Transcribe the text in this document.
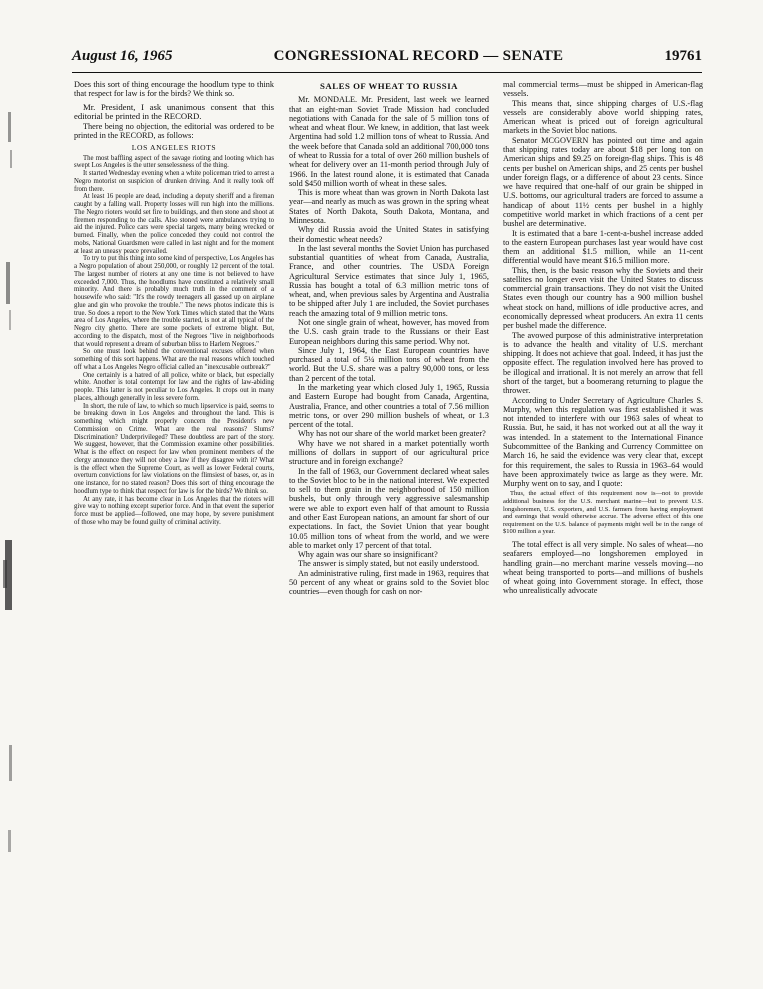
August 16, 1965	CONGRESSIONAL RECORD — SENATE	19761

Does this sort of thing encourage the hoodlum type to think that respect for law is for the birds? We think so.

Mr. President, I ask unanimous consent that this editorial be printed in the RECORD.

There being no objection, the editorial was ordered to be printed in the RECORD, as follows:

LOS ANGELES RIOTS

The most baffling aspect of the savage rioting and looting which has swept Los Angeles is the utter senselessness of the thing.

It started Wednesday evening when a white policeman tried to arrest a Negro motorist on suspicion of drunken driving. And it really took off from there.

At least 16 people are dead, including a deputy sheriff and a fireman caught by a falling wall. Property losses will run high into the millions. The Negro rioters would set fire to buildings, and then stone and shoot at firemen responding to the calls. Also stoned were ambulances trying to aid the injured. Police cars were special targets, many being wrecked or burned. Finally, when the police conceded they could not control the mobs, National Guardsmen were called in last night and for the moment at least an uneasy peace prevailed.

To try to put this thing into some kind of perspective, Los Angeles has a Negro population of about 250,000, or roughly 12 percent of the total. The largest number of rioters at any one time is not believed to have exceeded 7,000. Thus, the hoodlums have constituted a relatively small minority. And there is probably much truth in the comment of a housewife who said: "It's the rowdy teenagers all gassed up on airplane glue and gin who provoke the trouble." The news photos indicate this is true. So does a report to the New York Times which stated that the Watts area of Los Angeles, where the trouble started, is not at all typical of the Negro city ghetto. There are some pockets of extreme blight. But, according to the dispatch, most of the Negroes "live in neighborhoods that would represent a dream of suburban bliss to Harlem Negroes."

So one must look behind the conventional excuses offered when something of this sort happens. What are the real reasons which touched off what a Los Angeles Negro official called an "inexcusable outbreak?"

One certainly is a hatred of all police, white or black, but especially white. Another is total contempt for law and the rights of law-abiding people. This latter is not peculiar to Los Angeles. It crops out in many places, although generally in less severe form.

In short, the rule of law, to which so much lipservice is paid, seems to be breaking down in Los Angeles and throughout the land. This is something which might properly concern the President's new Commission on Crime. What are the real reasons? Slums? Discrimination? Underprivileged? These doubtless are part of the story. We suggest, however, that the Commission examine other possibilities. What is the effect on respect for law when prominent members of the clergy announce they will not obey a law if they disagree with it? What is the effect when the Supreme Court, as well as lower Federal courts, overturn convictions for law violations on the flimsiest of bases, or, as in one instance, for no stated reason? Does this sort of thing encourage the hoodlum type to think that respect for law is for the birds? We think so.

At any rate, it has become clear in Los Angeles that the rioters will give way to nothing except superior force. And in that event the superior force must be applied—followed, one may hope, by severe punishment of those who may be found guilty of criminal activity.

SALES OF WHEAT TO RUSSIA

Mr. MONDALE. Mr. President, last week we learned that an eight-man Soviet Trade Mission had concluded negotiations with Canada for the sale of 5 million tons of wheat and wheat flour. We knew, in addition, that last week Argentina had sold 1.2 million tons of wheat to Russia. And the week before that Canada sold an additional 700,000 tons of wheat to Russia for a total of over 260 million bushels of wheat for delivery over an 11-month period through July of 1966. In the latest round alone, it is estimated that Canada sold $450 million worth of wheat in these sales.

This is more wheat than was grown in North Dakota last year—and nearly as much as was grown in the spring wheat States of North Dakota, South Dakota, Montana, and Minnesota.

Why did Russia avoid the United States in satisfying their domestic wheat needs?

In the last several months the Soviet Union has purchased substantial quantities of wheat from Canada, Australia, France, and other countries. The USDA Foreign Agricultural Service estimates that since July 1, 1965, Russia has bought a total of 6.3 million metric tons of wheat, and, when previous sales by Argentina and Australia to be shipped after July 1 are included, the Soviet purchases reach the amazing total of 9 million metric tons.

Not one single grain of wheat, however, has moved from the U.S. cash grain trade to the Russians or their East European neighbors during this same period. Why not.

Since July 1, 1964, the East European countries have purchased a total of 5¼ million tons of wheat from the world. But the U.S. share was a paltry 90,000 tons, or less than 2 percent of the total.

In the marketing year which closed July 1, 1965, Russia and Eastern Europe had bought from Canada, Argentina, Australia, France, and other countries a total of 7.56 million metric tons, or over 290 million bushels of wheat, or 1.3 percent of the total.

Why has not our share of the world market been greater?

Why have we not shared in a market potentially worth millions of dollars in support of our agricultural price structure and in foreign exchange?

In the fall of 1963, our Government declared wheat sales to the Soviet bloc to be in the national interest. We expected to sell to them grain in the neighborhood of 150 million bushels, but only through very aggressive salesmanship were we able to export even half of that amount to Russia and other East European nations, an amount far short of our expectations. In fact, the Soviet Union that year bought 10.05 million tons of wheat from the world, and we were able to market only 17 percent of that total.

Why again was our share so insignificant?

The answer is simply stated, but not easily understood.

An administrative ruling, first made in 1963, requires that 50 percent of any wheat or grains sold to the Soviet bloc countries—even though for cash on nor-

mal commercial terms—must be shipped in American-flag vessels.

This means that, since shipping charges of U.S.-flag vessels are considerably above world shipping rates, American wheat is priced out of foreign agricultural markets in the Soviet bloc nations.

Senator MCGOVERN has pointed out time and again that shipping rates today are about $18 per long ton on American ships and $9.25 on foreign-flag ships. This is 48 cents per bushel on American ships, and 25 cents per bushel under foreign flags, or a difference of about 23 cents. Since we have required that one-half of our grain be shipped in U.S. bottoms, our agricultural traders are forced to assume a handicap of about 11½ cents per bushel in a highly competitive world market in which fractions of a cent per bushel are determinative.

It is estimated that a bare 1-cent-a-bushel increase added to the eastern European purchases last year would have cost them an additional $1.5 million, while an 11-cent differential would have meant $16.5 million more.

This, then, is the basic reason why the Soviets and their satellites no longer even visit the United States to discuss commercial grain transactions. They do not visit the United States even though our country has a 900 million bushel wheat stock on hand, millions of idle productive acres, and economically depressed wheat producers. An extra 11 cents per bushel made the difference.

The avowed purpose of this administrative interpretation is to advance the health and vitality of U.S. merchant shipping. It does not achieve that goal. Indeed, it has just the opposite effect. The regulation involved here has proved to be illogical and irrational. It is not merely an arrow that fell short of the target, but a boomerang returning to plague the thrower.

According to Under Secretary of Agriculture Charles S. Murphy, when this regulation was first established it was not intended to interfere with our 1963 sales of wheat to Russia. But, he said, it has not worked out at all the way it was intended. In a statement to the International Finance Subcommittee of the Banking and Currency Committee on March 16, he said the evidence was very clear that, except for this requirement, the sales to Russia in 1963–64 would have been approximately twice as large as they were. Mr. Murphy went on to say, and I quote:

Thus, the actual effect of this requirement now is—not to provide additional business for the U.S. merchant marine—but to prevent U.S. longshoremen, U.S. exporters, and U.S. farmers from having employment and earnings that would otherwise accrue. The adverse effect of this one requirement on the U.S. balance of payments might well be in the range of $100 million a year.

The total effect is all very simple. No sales of wheat—no seafarers employed—no longshoremen employed in handling grain—no merchant marine vessels moving—no wheat being transported to ports—and millions of bushels of wheat going into Government storage. In effect, those who unrealistically advocate
